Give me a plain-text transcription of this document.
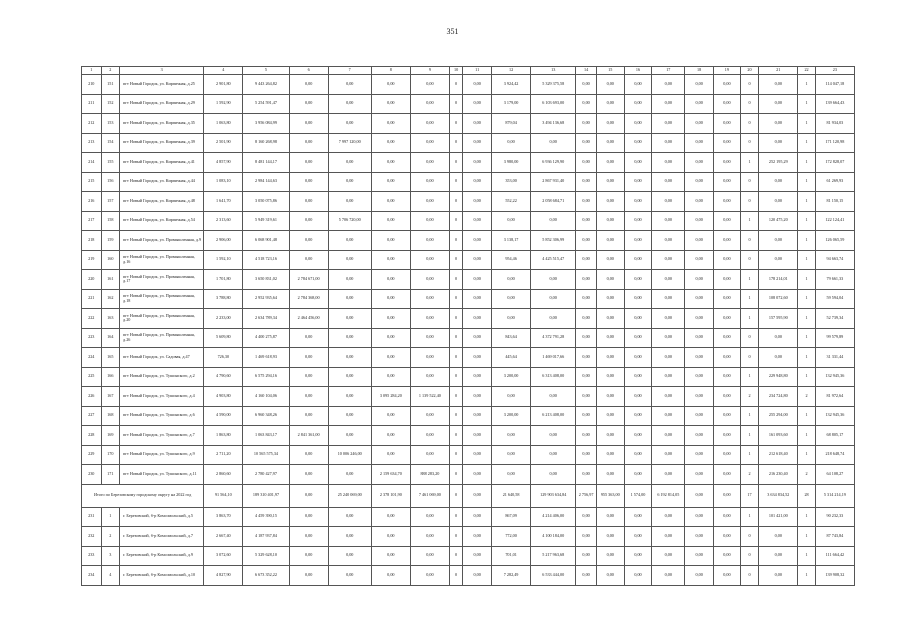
351
1	2	3	4	5	6	7	8	9	10	11	12	13	14	15	16	17	18	19	20	21	22	23
210	151	пгт Новый Городок, ул. Кирпичная, д.25	2 901,80	9 443 264,82	0,00	0,00	0,00	0,00	0	0,00	3 924,42	5 329 375,58	0,00	0,00	0,00	0,00	0,00	0,00	0	0,00	1	114 047,18
211	152	пгт Новый Городок, ул. Кирпичная, д.29	1 592,90	5 254 591,47	0,00	0,00	0,00	0,00	0	0,00	3 179,00	6 103 693,00	0,00	0,00	0,00	0,00	0,00	0,00	0	0,00	1	139 664,43
212	153	пгт Новый Городок, ул. Кирпичная, д.35	1 063,80	3 956 084,99	0,00	0,00	0,00	0,00	0	0,00	879,04	3 494 136,68	0,00	0,00	0,00	0,00	0,00	0,00	0	0,00	1	81 934,03
213	154	пгт Новый Городок, ул. Кирпичная, д.39	2 501,90	8 160 268,98	0,00	7 997 120,00	0,00	0,00	0	0,00	0,00	0,00	0,00	0,00	0,00	0,00	0,00	0,00	0	0,00	1	171 120,98
214	155	пгт Новый Городок, ул. Кирпичная, д.41	4 857,90	8 481 144,17	0,00	0,00	0,00	0,00	0	0,00	3 980,00	6 936 129,90	0,00	0,00	0,00	0,00	0,00	0,00	1	252 195,29	1	172 828,07
215	156	пгт Новый Городок, ул. Кирпичная, д.44	1 083,10	2 984 144,63	0,00	0,00	0,00	0,00	0	0,00	353,00	2 867 931,40	0,00	0,00	0,00	0,00	0,00	0,00	0	0,00	1	61 269,93
216	157	пгт Новый Городок, ул. Кирпичная, д.48	1 641,70	3 050 075,86	0,00	0,00	0,00	0,00	0	0,00	552,22	2 058 684,71	0,00	0,00	0,00	0,00	0,00	0,00	0	0,00	1	81 150,15
217	158	пгт Новый Городок, ул. Кирпичная, д.54	2 313,60	5 949 319,61	0,00	5 706 720,00	0,00	0,00	0	0,00	0,00	0,00	0,00	0,00	0,00	0,00	0,00	0,00	1	120 475,20	1	122 124,41
218	159	пгт Новый Городок, ул. Промышленная, д.9	2 906,00	6 068 901,48	0,00	0,00	0,00	0,00	0	0,00	3 138,17	5 852 306,99	0,00	0,00	0,00	0,00	0,00	0,00	0	0,00	1	126 065,59
219	160	пгт Новый Городок, ул. Промышленная, д.16	1 592,10	4 518 723,16	0,00	0,00	0,00	0,00	0	0,00	954,46	4 425 515,47	0,00	0,00	0,00	0,00	0,00	0,00	0	0,00	1	94 663,74
220	161	пгт Новый Городок, ул. Промышленная, д.17	1 701,80	3 650 831,02	2 784 671,00	0,00	0,00	0,00	0	0,00	0,00	0,00	0,00	0,00	0,00	0,00	0,00	0,00	1	178 214,01	1	79 661,33
221	162	пгт Новый Городок, ул. Промышленная, д.18	3 788,80	2 952 935,64	2 784 368,00	0,00	0,00	0,00	0	0,00	0,00	0,00	0,00	0,00	0,00	0,00	0,00	0,00	1	108 072,60	1	59 594,04
222	163	пгт Новый Городок, ул. Промышленная, д.20	2 233,00	2 634 789,34	2 464 456,00	0,00	0,00	0,00	0	0,00	0,00	0,00	0,00	0,00	0,00	0,00	0,00	0,00	1	157 595,90	1	52 739,34
223	164	пгт Новый Городок, ул. Промышленная, д.26	5 609,80	4 400 275,87	0,00	0,00	0,00	0,00	0	0,00	843,64	4 372 791,28	0,00	0,00	0,00	0,00	0,00	0,00	0	0,00	1	99 579,89
224	165	пгт Новый Городок, ул. Садовая, д.47	726,30	1 469 618,93	0,00	0,00	0,00	0,00	0	0,00	445,64	1 469 017,66	0,00	0,00	0,00	0,00	0,00	0,00	0	0,00	1	31 331,44
225	166	пгт Новый Городок, ул. Тушинского, д.2	4 790,60	6 575 294,16	0,00	0,00	0,00	0,00	0	0,00	3 200,00	6 313 408,00	0,00	0,00	0,00	0,00	0,00	0,00	1	229 948,80	1	132 945,36
226	167	пгт Новый Городок, ул. Тушинского, д.4	4 903,80	4 160 104,06	0,00	0,00	3 095 284,20	1 139 522,40	0	0,00	0,00	0,00	0,00	0,00	0,00	0,00	0,00	0,00	2	234 724,80	2	81 972,64
227	168	пгт Новый Городок, ул. Тушинского, д.6	4 590,00	6 960 348,26	0,00	0,00	0,00	0,00	0	0,00	3 200,00	6 213 408,00	0,00	0,00	0,00	0,00	0,00	0,00	1	255 294,00	1	132 945,36
228	169	пгт Новый Городок, ул. Тушинского, д.7	1 863,80	1 063 843,17	2 841 361,00	0,00	0,00	0,00	0	0,00	0,00	0,00	0,00	0,00	0,00	0,00	0,00	0,00	1	161 093,60	1	68 805,17
229	170	пгт Новый Городок, ул. Тушинского, д.9	2 711,20	10 565 575,34	0,00	10 006 246,00	0,00	0,00	0	0,00	0,00	0,00	0,00	0,00	0,00	0,00	0,00	0,00	1	212 618,40	1	218 648,74
230	171	пгт Новый Городок, ул. Тушинского, д.11	2 860,60	2 780 427,97	0,00	0,00	2 159 634,70	888 283,20	0	0,00	0,00	0,00	0,00	0,00	0,00	0,00	0,00	0,00	2	216 230,40	2	64 108,27
Итого по Березовскому городскому округу на 2022 год			91 564,10	189 310 401,97	0,00	25 240 069,00	2 378 101,90	7 461 069,00	0	0,00	21 640,58	129 903 634,84	2 756,97	955 363,00	1 574,00	6 192 814,05	0,00	0,00	17	3 634 834,52	28	5 314 214,19
231	1	г. Березовский, б-р Комсомольский, д.5	3 863,70	4 459 390,15	0,00	0,00	0,00	0,00	0	0,00	867,09	4 214 406,00	0,00	0,00	0,00	0,00	0,00	0,00	1	101 421,00	1	90 232,33
232	2	г. Березовский, б-р Комсомольский, д.7	2 667,40	4 187 937,84	0,00	0,00	0,00	0,00	0	0,00	772,00	4 100 184,00	0,00	0,00	0,00	0,00	0,00	0,00	0	0,00	1	87 743,84
233	3	г. Березовский, б-р Комсомольский, д.9	3 072,60	5 329 628,10	0,00	0,00	0,00	0,00	0	0,00	701,01	5 217 963,68	0,00	0,00	0,00	0,00	0,00	0,00	0	0,00	1	111 664,42
234	4	г. Березовский, б-р Комсомольский, д.10	4 827,90	6 673 352,22	0,00	0,00	0,00	0,00	0	0,00	7 282,49	6 533 444,00	0,00	0,00	0,00	0,00	0,00	0,00	0	0,00	1	139 908,32
